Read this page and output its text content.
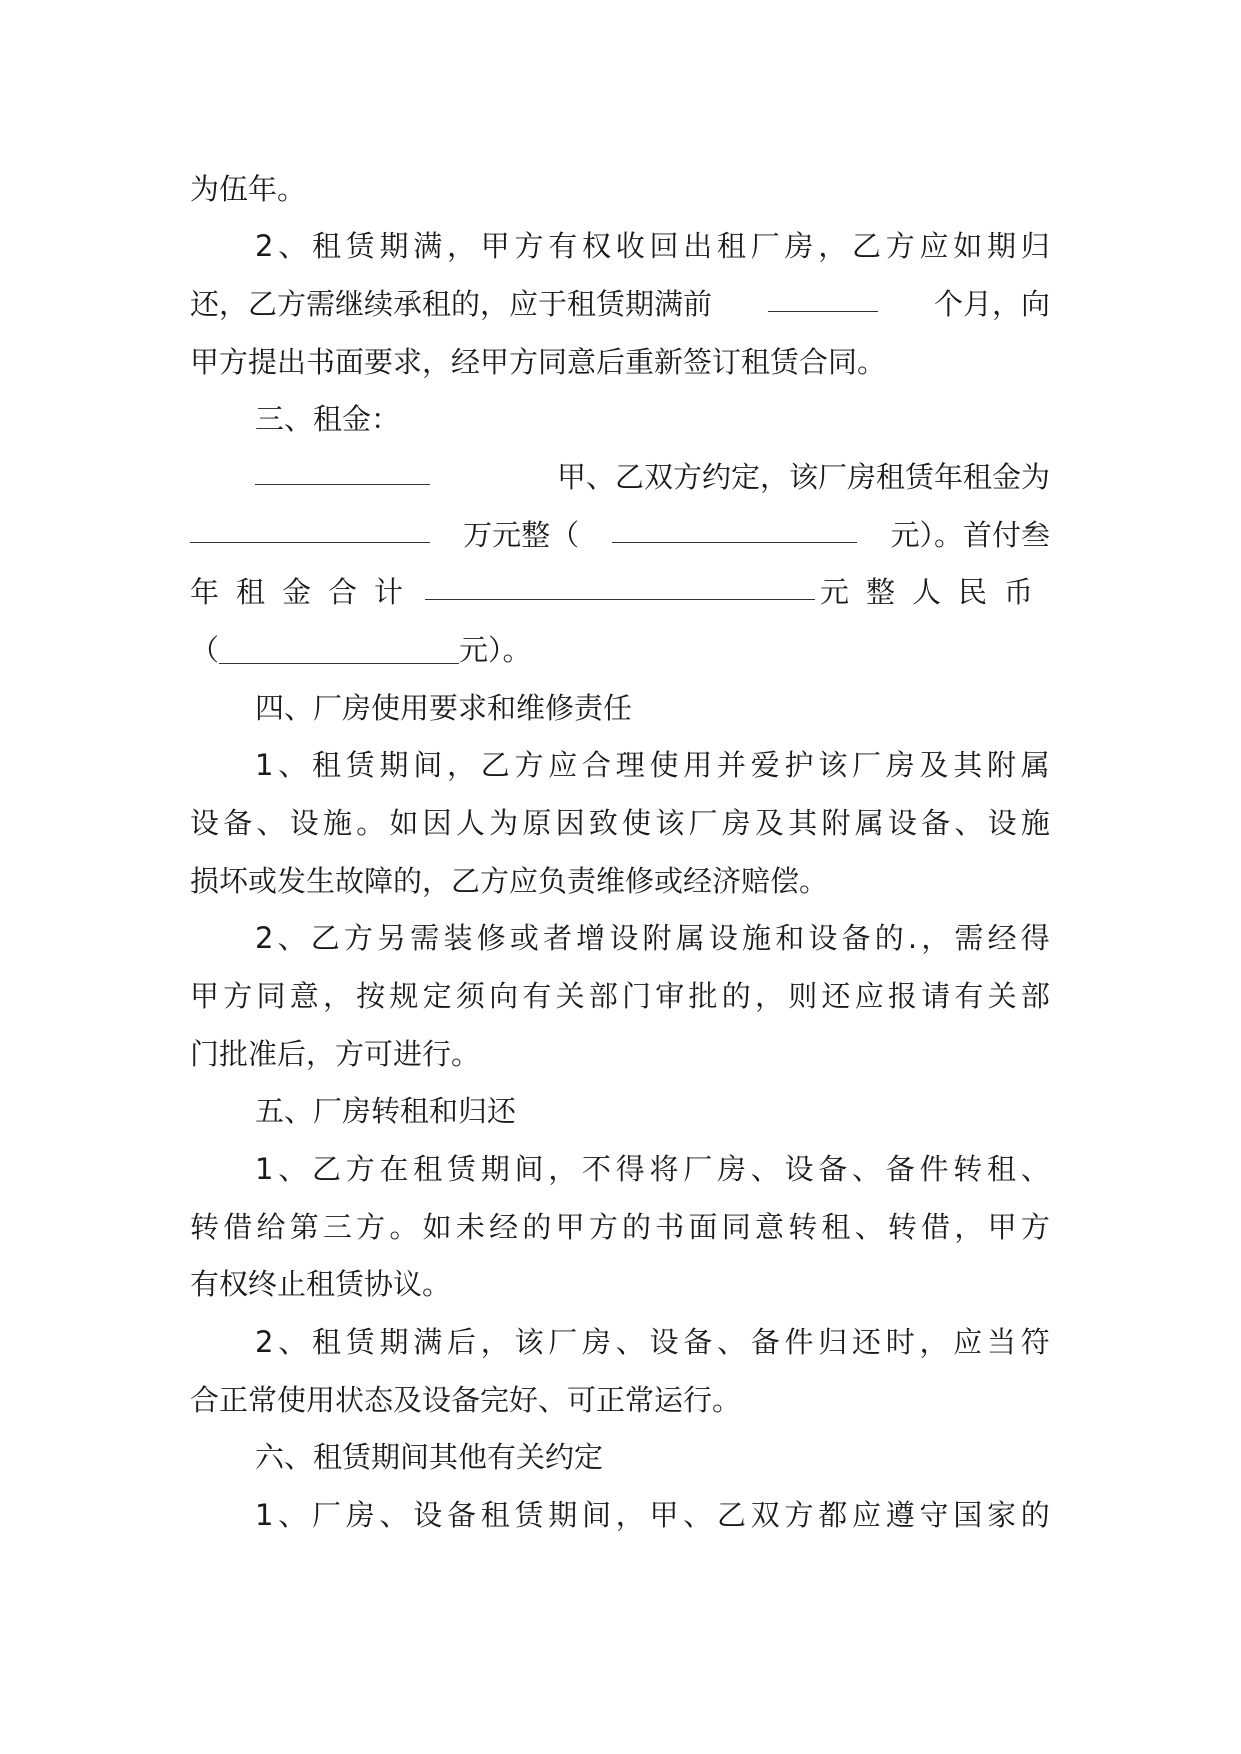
为伍年。
2 、 租 赁 期 满 ， 甲 方 有 权 收 回 出 租 厂 房 ， 乙 方 应 如 期 归
还，乙方需继续承租的，应于租赁期满前	个月，向
甲方提出书面要求，经甲方同意后重新签订租赁合同。
三、租金：
甲、乙双方约定，该厂房租赁年租金为
万元整（	元）。首付叁
年租金合计	元整人民币
（	元）。
四、厂房使用要求和维修责任
1 、 租 赁 期 间 ， 乙 方 应 合 理 使 用 并 爱 护 该 厂 房 及 其 附 属
设 备 、 设 施 。 如 因 人 为 原 因 致 使 该 厂 房 及 其 附 属 设 备 、 设 施
损坏或发生故障的，乙方应负责维修或经济赔偿。
2 、 乙 方 另 需 装 修 或 者 增 设 附 属 设 施 和 设 备 的 . ， 需 经 得
甲 方 同 意 ， 按 规 定 须 向 有 关 部 门 审 批 的 ， 则 还 应 报 请 有 关 部
门批准后，方可进行。
五、厂房转租和归还
1 、 乙 方 在 租 赁 期 间 ， 不 得 将 厂 房 、 设 备 、 备 件 转 租 、
转 借 给 第 三 方 。 如 未 经 的 甲 方 的 书 面 同 意 转 租 、 转 借 ， 甲 方
有权终止租赁协议。
2 、 租 赁 期 满 后 ， 该 厂 房 、 设 备 、 备 件 归 还 时 ， 应 当 符
合正常使用状态及设备完好、可正常运行。
六、租赁期间其他有关约定
1 、 厂 房 、 设 备 租 赁 期 间 ， 甲 、 乙 双 方 都 应 遵 守 国 家 的
